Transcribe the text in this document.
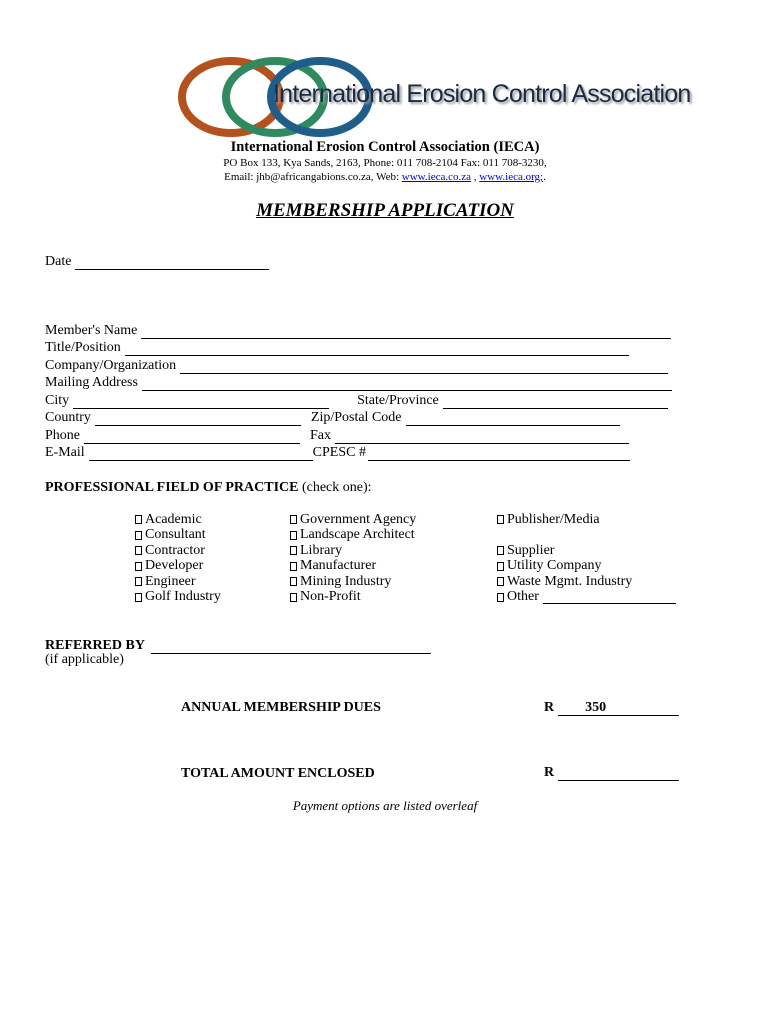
International Erosion Control Association
International Erosion Control Association (IECA)
PO Box 133, Kya Sands, 2163, Phone: 011 708-2104 Fax: 011 708-3230,
Email: jhb@africangabions.co.za, Web: www.ieca.co.za , www.ieca.org;.
MEMBERSHIP APPLICATION
Date
Member's Name
Title/Position
Company/Organization
Mailing Address
City	State/Province
Country	Zip/Postal Code
Phone	Fax
E-Mail	CPESC #
PROFESSIONAL FIELD OF PRACTICE (check one):
Academic
Consultant
Contractor
Developer
Engineer
Golf Industry
Government Agency
Landscape Architect
Library
Manufacturer
Mining Industry
Non-Profit
Publisher/Media
Supplier
Utility Company
Waste Mgmt. Industry
Other
REFERRED BY
(if applicable)
ANNUAL MEMBERSHIP DUES	R	350
TOTAL AMOUNT ENCLOSED	R
Payment options are listed overleaf
